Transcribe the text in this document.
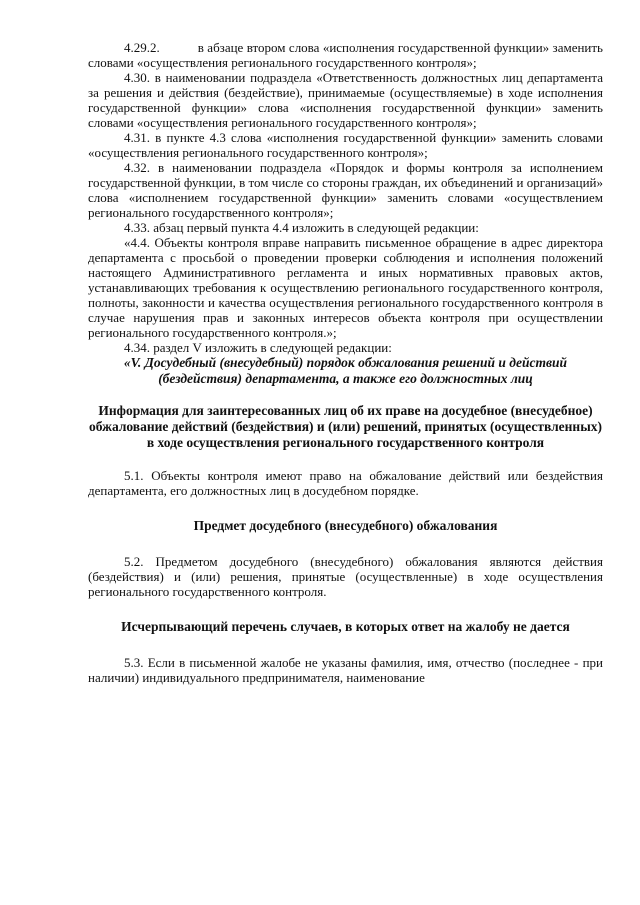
4.29.2.	в абзаце втором слова «исполнения государственной функции» заменить словами «осуществления регионального государственного контроля»;

4.30. в наименовании подраздела «Ответственность должностных лиц департамента за решения и действия (бездействие), принимаемые (осуществляемые) в ходе исполнения государственной функции» слова «исполнения государственной функции» заменить словами «осуществления регионального государственного контроля»;

4.31. в пункте 4.3 слова «исполнения государственной функции» заменить словами «осуществления регионального государственного контроля»;

4.32. в наименовании подраздела «Порядок и формы контроля за исполнением государственной функции, в том числе со стороны граждан, их объединений и организаций» слова «исполнением государственной функции» заменить словами «осуществлением регионального государственного контроля»;

4.33. абзац первый пункта 4.4 изложить в следующей редакции:

«4.4. Объекты контроля вправе направить письменное обращение в адрес директора департамента с просьбой о проведении проверки соблюдения и исполнения положений настоящего Административного регламента и иных нормативных правовых актов, устанавливающих требования к осуществлению регионального государственного контроля, полноты, законности и качества осуществления регионального государственного контроля в случае нарушения прав и законных интересов объекта контроля при осуществлении регионального государственного контроля.»;

4.34. раздел V изложить в следующей редакции:

«V. Досудебный (внесудебный) порядок обжалования решений и действий (бездействия) департамента, а также его должностных лиц

Информация для заинтересованных лиц об их праве на досудебное (внесудебное) обжалование действий (бездействия) и (или) решений, принятых (осуществленных) в ходе осуществления регионального государственного контроля

5.1. Объекты контроля имеют право на обжалование действий или бездействия департамента, его должностных лиц в досудебном порядке.

Предмет досудебного (внесудебного) обжалования

5.2. Предметом досудебного (внесудебного) обжалования являются действия (бездействия) и (или) решения, принятые (осуществленные) в ходе осуществления регионального государственного контроля.

Исчерпывающий перечень случаев, в которых ответ на жалобу не дается

5.3. Если в письменной жалобе не указаны фамилия, имя, отчество (последнее - при наличии) индивидуального предпринимателя, наименование
